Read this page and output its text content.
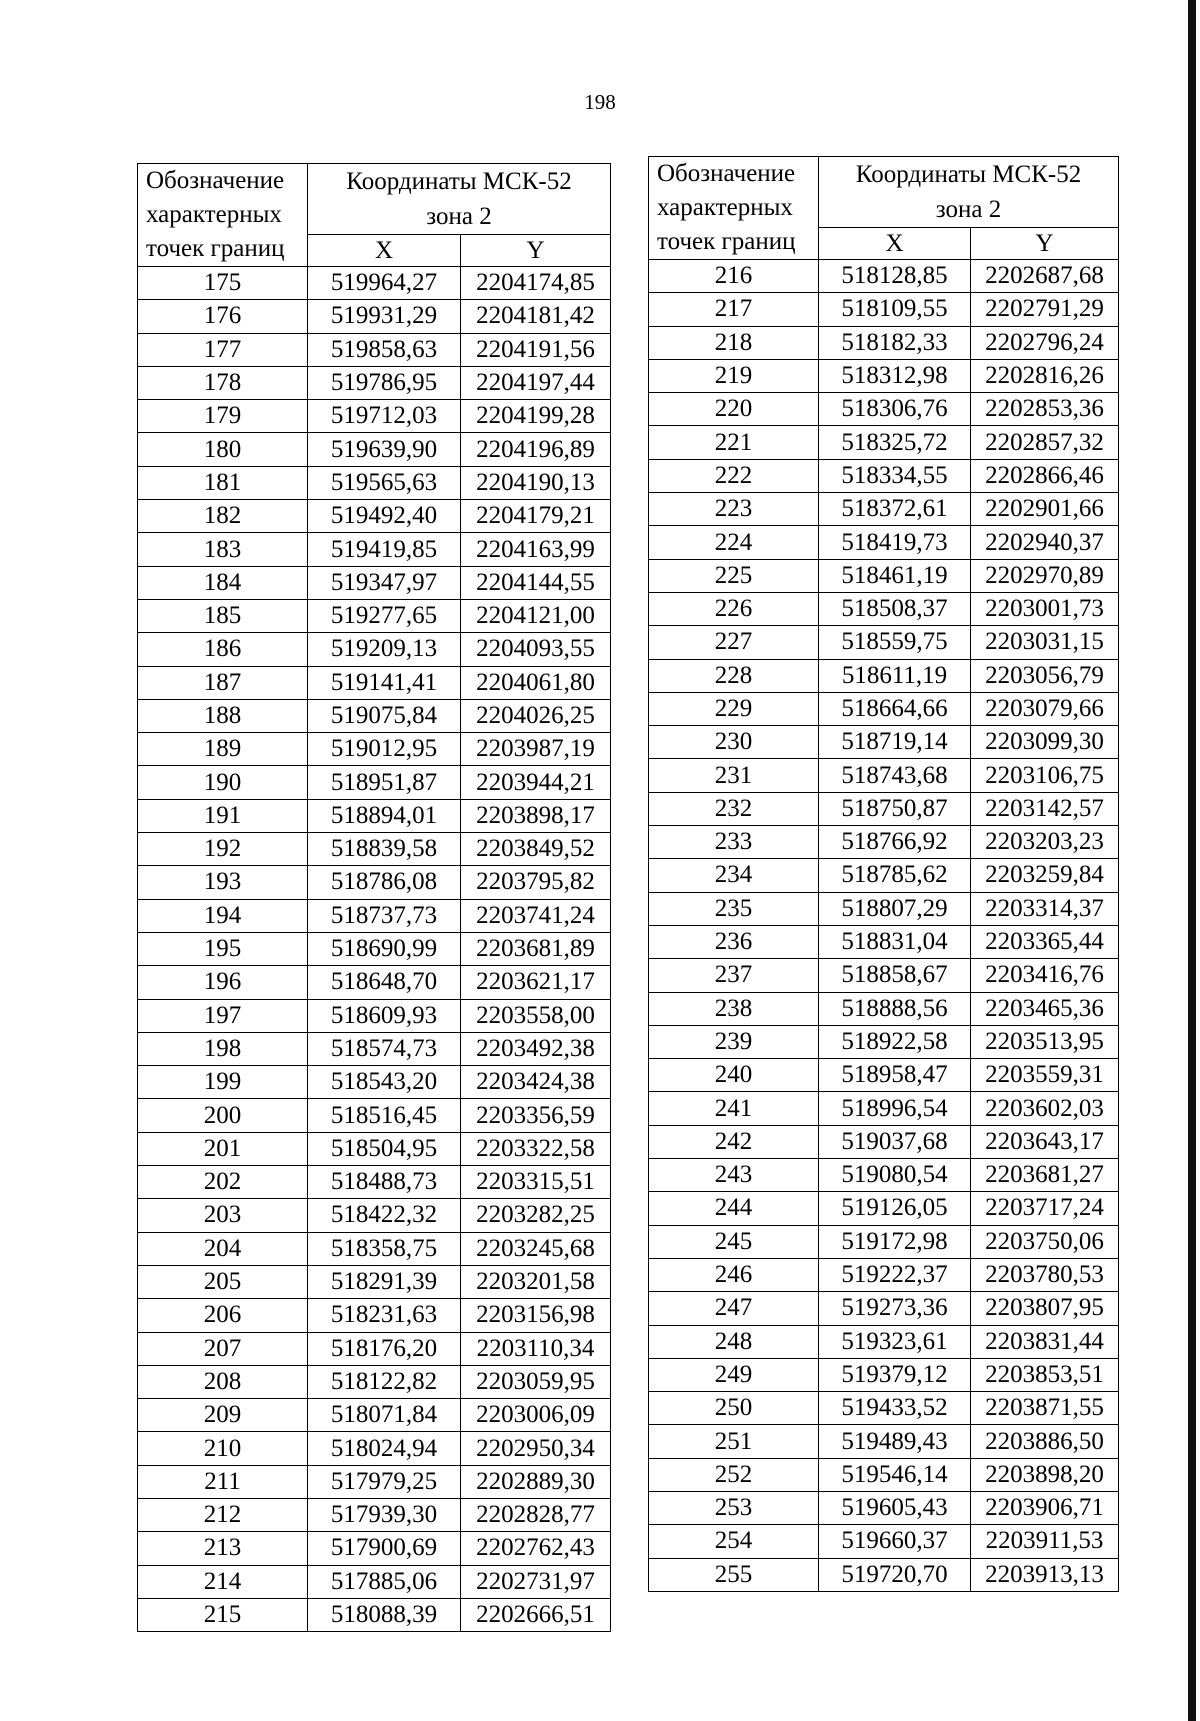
198
Обозначение
характерных
точек границ	Координаты МСК-52	
	зона 2	
	X	Y
175	519964,27	2204174,85
176	519931,29	2204181,42
177	519858,63	2204191,56
178	519786,95	2204197,44
179	519712,03	2204199,28
180	519639,90	2204196,89
181	519565,63	2204190,13
182	519492,40	2204179,21
183	519419,85	2204163,99
184	519347,97	2204144,55
185	519277,65	2204121,00
186	519209,13	2204093,55
187	519141,41	2204061,80
188	519075,84	2204026,25
189	519012,95	2203987,19
190	518951,87	2203944,21
191	518894,01	2203898,17
192	518839,58	2203849,52
193	518786,08	2203795,82
194	518737,73	2203741,24
195	518690,99	2203681,89
196	518648,70	2203621,17
197	518609,93	2203558,00
198	518574,73	2203492,38
199	518543,20	2203424,38
200	518516,45	2203356,59
201	518504,95	2203322,58
202	518488,73	2203315,51
203	518422,32	2203282,25
204	518358,75	2203245,68
205	518291,39	2203201,58
206	518231,63	2203156,98
207	518176,20	2203110,34
208	518122,82	2203059,95
209	518071,84	2203006,09
210	518024,94	2202950,34
211	517979,25	2202889,30
212	517939,30	2202828,77
213	517900,69	2202762,43
214	517885,06	2202731,97
215	518088,39	2202666,51
Обозначение
характерных
точек границ	Координаты МСК-52	
	зона 2	
	X	Y
216	518128,85	2202687,68
217	518109,55	2202791,29
218	518182,33	2202796,24
219	518312,98	2202816,26
220	518306,76	2202853,36
221	518325,72	2202857,32
222	518334,55	2202866,46
223	518372,61	2202901,66
224	518419,73	2202940,37
225	518461,19	2202970,89
226	518508,37	2203001,73
227	518559,75	2203031,15
228	518611,19	2203056,79
229	518664,66	2203079,66
230	518719,14	2203099,30
231	518743,68	2203106,75
232	518750,87	2203142,57
233	518766,92	2203203,23
234	518785,62	2203259,84
235	518807,29	2203314,37
236	518831,04	2203365,44
237	518858,67	2203416,76
238	518888,56	2203465,36
239	518922,58	2203513,95
240	518958,47	2203559,31
241	518996,54	2203602,03
242	519037,68	2203643,17
243	519080,54	2203681,27
244	519126,05	2203717,24
245	519172,98	2203750,06
246	519222,37	2203780,53
247	519273,36	2203807,95
248	519323,61	2203831,44
249	519379,12	2203853,51
250	519433,52	2203871,55
251	519489,43	2203886,50
252	519546,14	2203898,20
253	519605,43	2203906,71
254	519660,37	2203911,53
255	519720,70	2203913,13
